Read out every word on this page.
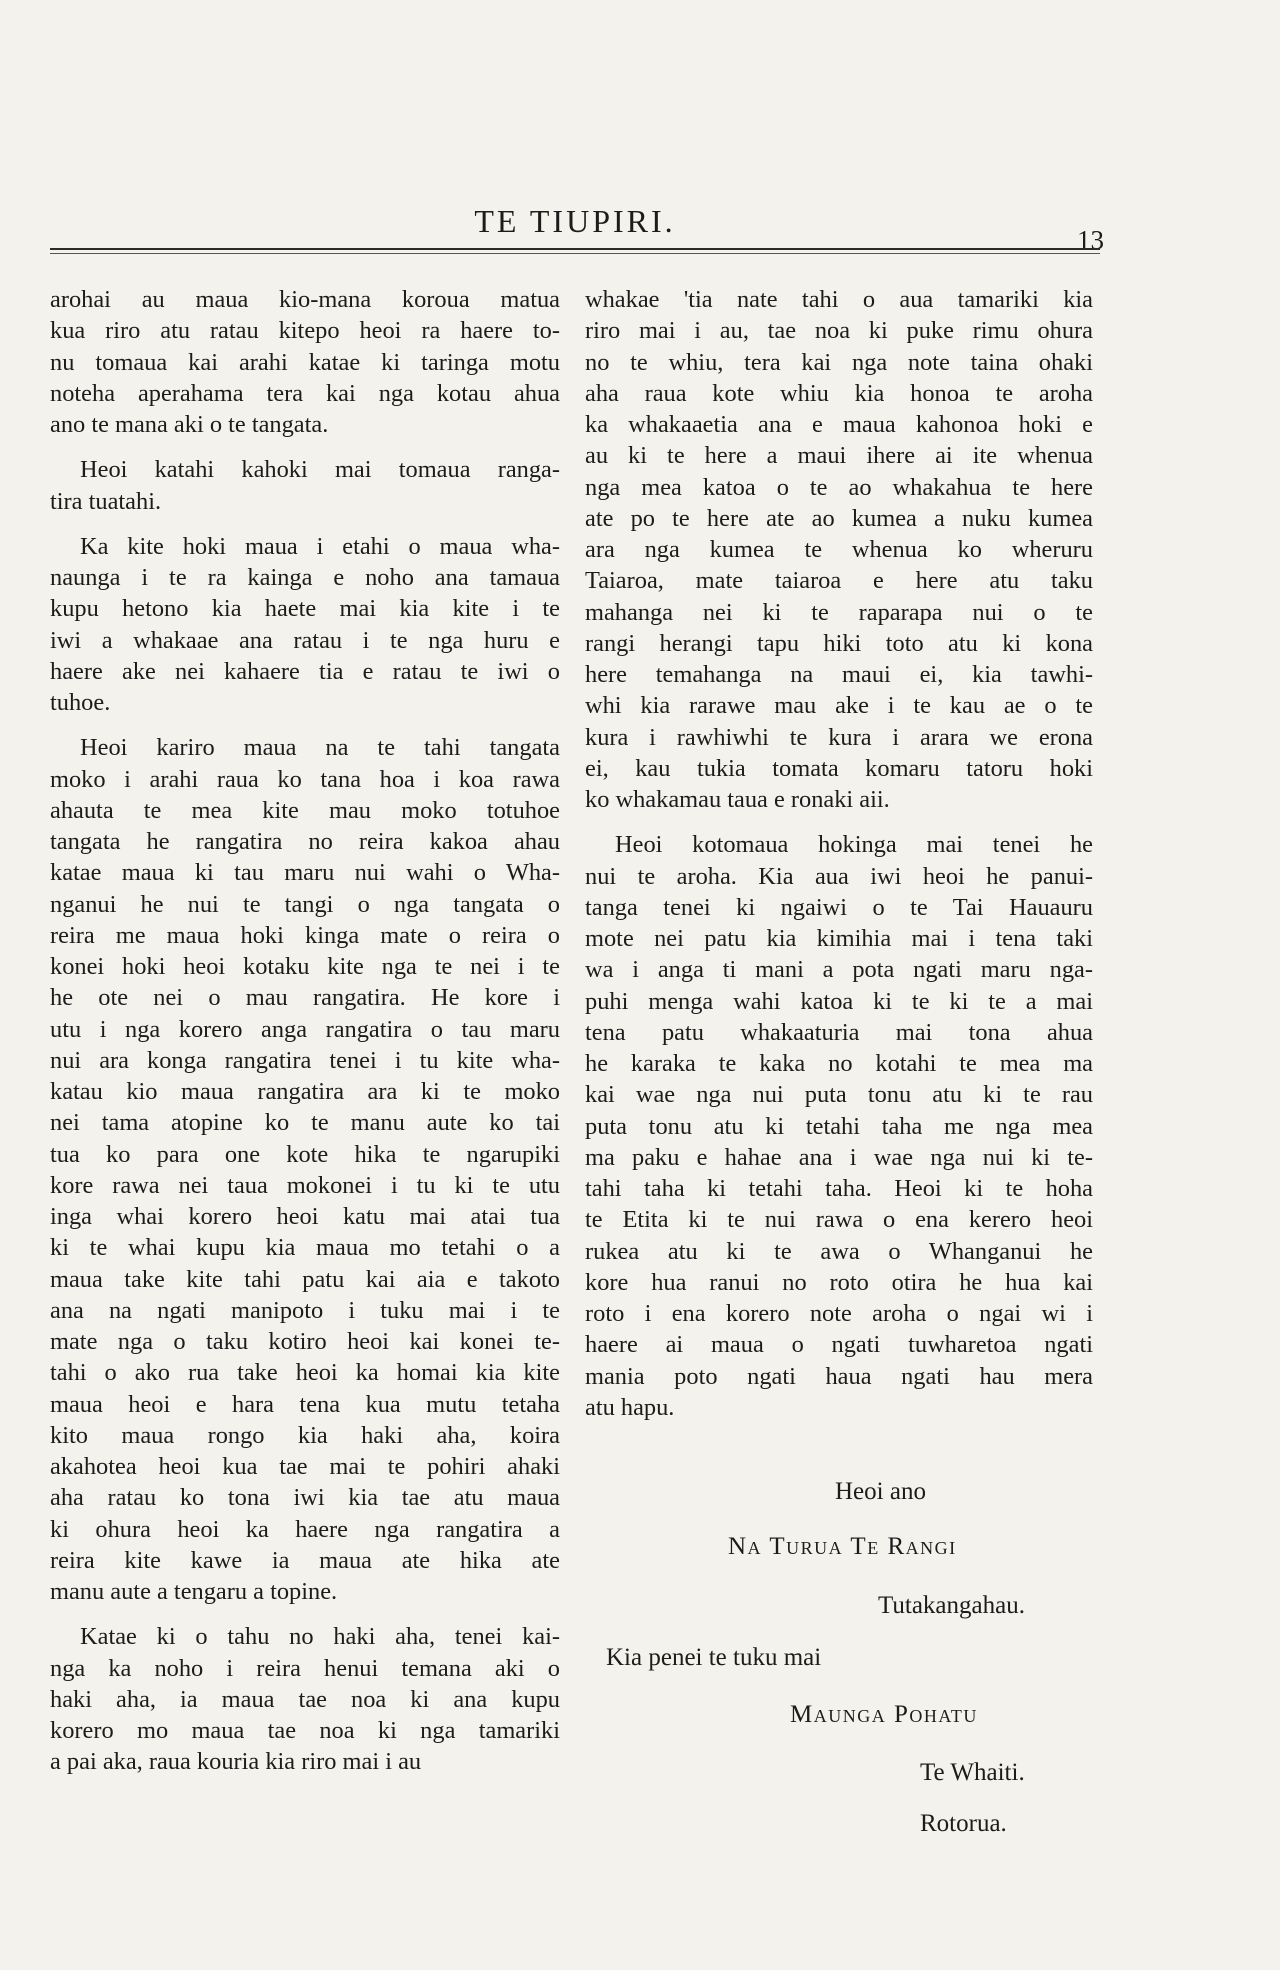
TE TIUPIRI.
13
arohai au maua kio-mana koroua matua
kua riro atu ratau kitepo heoi ra haere to-
nu tomaua kai arahi katae ki taringa motu
noteha aperahama tera kai nga kotau ahua
ano te mana aki o te tangata.
Heoi katahi kahoki mai tomaua ranga-
tira tuatahi.
Ka kite hoki maua i etahi o maua wha-
naunga i te ra kainga e noho ana tamaua
kupu hetono kia haete mai kia kite i te
iwi a whakaae ana ratau i te nga huru e
haere ake nei kahaere tia e ratau te iwi o
tuhoe.
Heoi kariro maua na te tahi tangata
moko i arahi raua ko tana hoa i koa rawa
ahauta te mea kite mau moko totuhoe
tangata he rangatira no reira kakoa ahau
katae maua ki tau maru nui wahi o Wha-
nganui he nui te tangi o nga tangata o
reira me maua hoki kinga mate o reira o
konei hoki heoi kotaku kite nga te nei i te
he ote nei o mau rangatira. He kore i
utu i nga korero anga rangatira o tau maru
nui ara konga rangatira tenei i tu kite wha-
katau kio maua rangatira ara ki te moko
nei tama atopine ko te manu aute ko tai
tua ko para one kote hika te ngarupiki
kore rawa nei taua mokonei i tu ki te utu
inga whai korero heoi katu mai atai tua
ki te whai kupu kia maua mo tetahi o a
maua take kite tahi patu kai aia e takoto
ana na ngati manipoto i tuku mai i te
mate nga o taku kotiro heoi kai konei te-
tahi o ako rua take heoi ka homai kia kite
maua heoi e hara tena kua mutu tetaha
kito maua rongo kia haki aha, koira
akahotea heoi kua tae mai te pohiri ahaki
aha ratau ko tona iwi kia tae atu maua
ki ohura heoi ka haere nga rangatira a
reira kite kawe ia maua ate hika ate
manu aute a tengaru a topine.
Katae ki o tahu no haki aha, tenei kai-
nga ka noho i reira henui temana aki o
haki aha, ia maua tae noa ki ana kupu
korero mo maua tae noa ki nga tamariki
a pai aka, raua kouria kia riro mai i au
whakae 'tia nate tahi o aua tamariki kia
riro mai i au, tae noa ki puke rimu ohura
no te whiu, tera kai nga note taina ohaki
aha raua kote whiu kia honoa te aroha
ka whakaaetia ana e maua kahonoa hoki e
au ki te here a maui ihere ai ite whenua
nga mea katoa o te ao whakahua te here
ate po te here ate ao kumea a nuku kumea
ara nga kumea te whenua ko wheruru
Taiaroa, mate taiaroa e here atu taku
mahanga nei ki te raparapa nui o te
rangi herangi tapu hiki toto atu ki kona
here temahanga na maui ei, kia tawhi-
whi kia rarawe mau ake i te kau ae o te
kura i rawhiwhi te kura i arara we erona
ei, kau tukia tomata komaru tatoru hoki
ko whakamau taua e ronaki aii.
Heoi kotomaua hokinga mai tenei he
nui te aroha. Kia aua iwi heoi he panui-
tanga tenei ki ngaiwi o te Tai Hauauru
mote nei patu kia kimihia mai i tena taki
wa i anga ti mani a pota ngati maru nga-
puhi menga wahi katoa ki te ki te a mai
tena patu whakaaturia mai tona ahua
he karaka te kaka no kotahi te mea ma
kai wae nga nui puta tonu atu ki te rau
puta tonu atu ki tetahi taha me nga mea
ma paku e hahae ana i wae nga nui ki te-
tahi taha ki tetahi taha. Heoi ki te hoha
te Etita ki te nui rawa o ena kerero heoi
rukea atu ki te awa o Whanganui he
kore hua ranui no roto otira he hua kai
roto i ena korero note aroha o ngai wi i
haere ai maua o ngati tuwharetoa ngati
mania poto ngati haua ngati hau mera
atu hapu.
Heoi ano
Na Turua Te Rangi
Tutakangahau.
Kia penei te tuku mai
Maunga Pohatu
Te Whaiti.
Rotorua.
